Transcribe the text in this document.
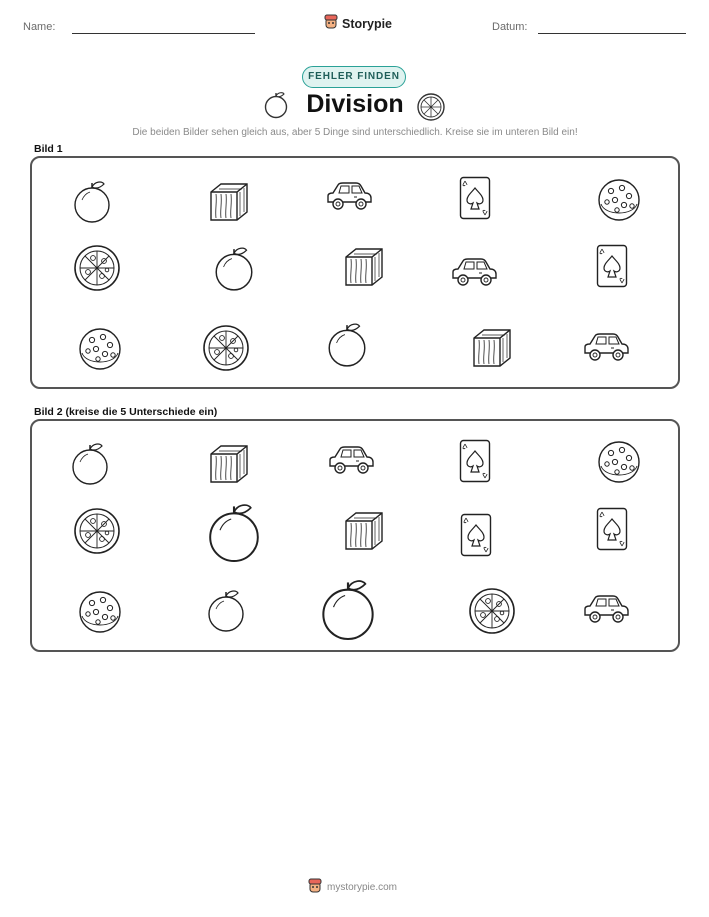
Name:	Storypie	Datum:
FEHLER FINDEN
Division
Die beiden Bilder sehen gleich aus, aber 5 Dinge sind unterschiedlich. Kreise sie im unteren Bild ein!
Bild 1
Bild 2 (kreise die 5 Unterschiede ein)
mystorypie.com
